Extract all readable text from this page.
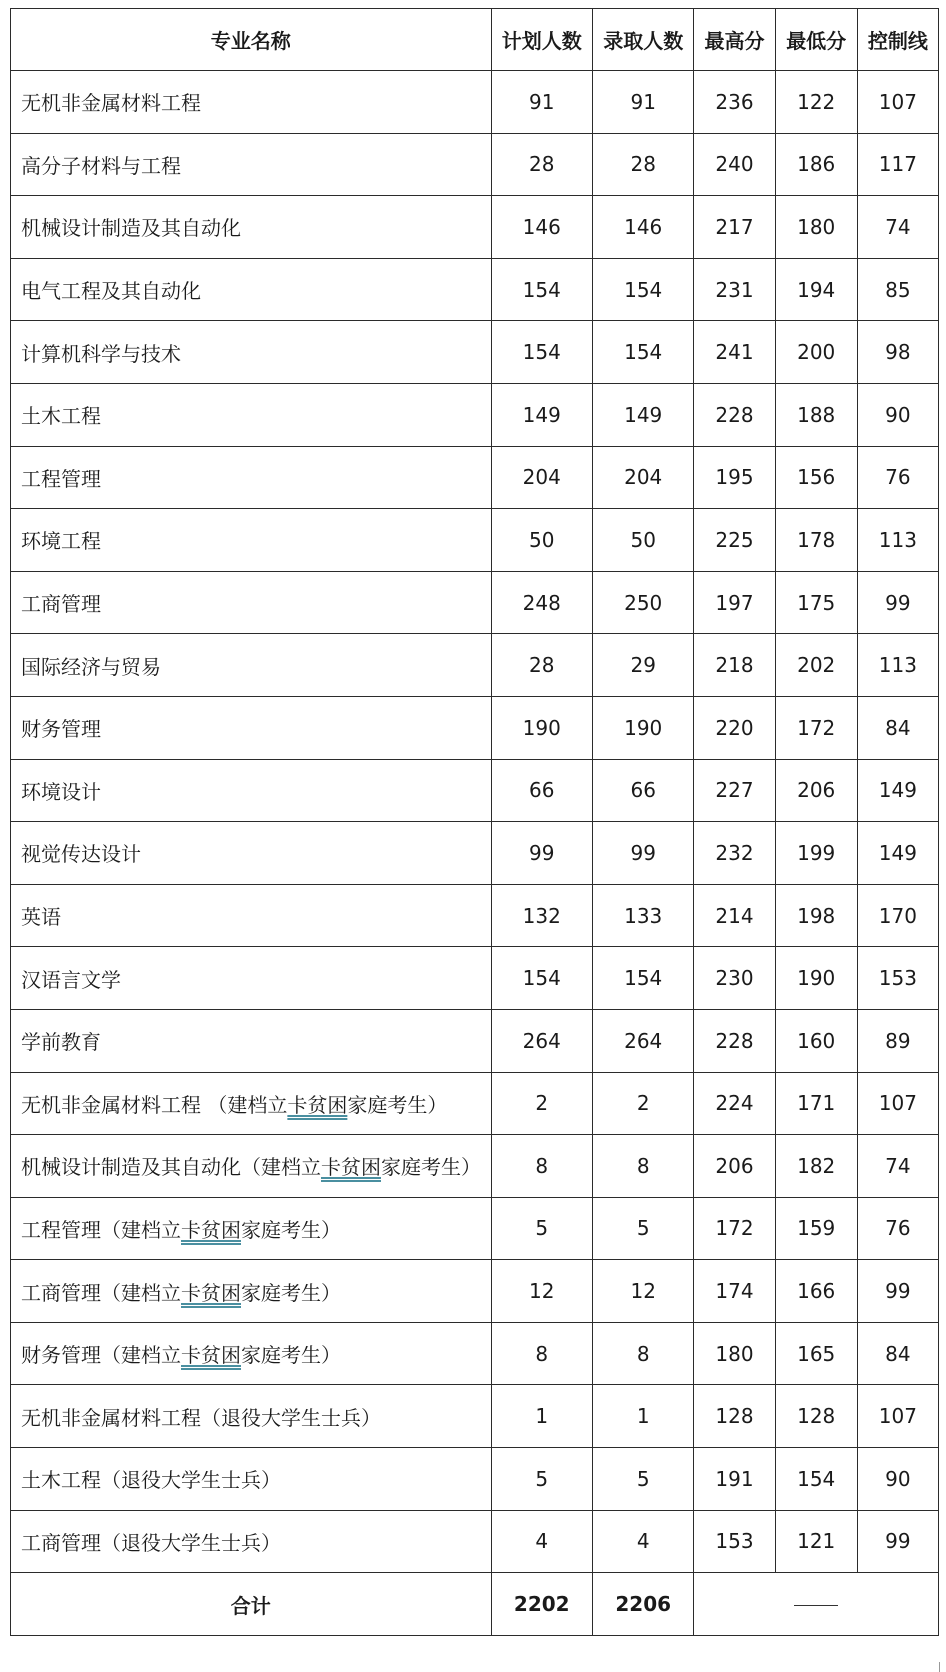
专业名称	计划人数	录取人数	最高分	最低分	控制线
无机非金属材料工程	91	91	236	122	107
高分子材料与工程	28	28	240	186	117
机械设计制造及其自动化	146	146	217	180	74
电气工程及其自动化	154	154	231	194	85
计算机科学与技术	154	154	241	200	98
土木工程	149	149	228	188	90
工程管理	204	204	195	156	76
环境工程	50	50	225	178	113
工商管理	248	250	197	175	99
国际经济与贸易	28	29	218	202	113
财务管理	190	190	220	172	84
环境设计	66	66	227	206	149
视觉传达设计	99	99	232	199	149
英语	132	133	214	198	170
汉语言文学	154	154	230	190	153
学前教育	264	264	228	160	89
无机非金属材料工程 （建档立卡贫困家庭考生）	2	2	224	171	107
机械设计制造及其自动化（建档立卡贫困家庭考生）	8	8	206	182	74
工程管理（建档立卡贫困家庭考生）	5	5	172	159	76
工商管理（建档立卡贫困家庭考生）	12	12	174	166	99
财务管理（建档立卡贫困家庭考生）	8	8	180	165	84
无机非金属材料工程（退役大学生士兵）	1	1	128	128	107
土木工程（退役大学生士兵）	5	5	191	154	90
工商管理（退役大学生士兵）	4	4	153	121	99
合计	2202	2206			
